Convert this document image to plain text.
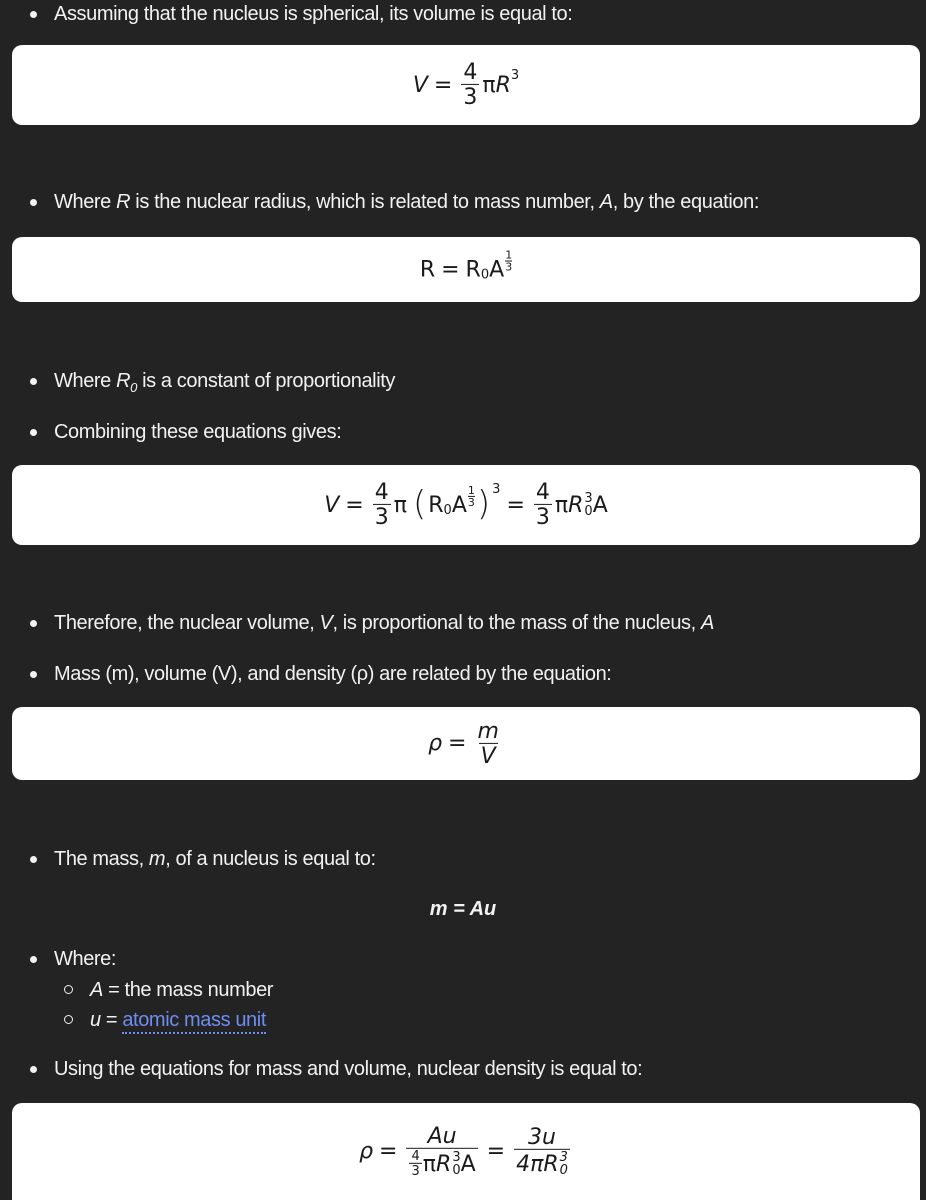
Assuming that the nucleus is spherical, its volume is equal to:
$V = \frac{4}{3}$ π R 3
Where R is the nuclear radius, which is related to mass number, A, by the equation:
R = R 0 A $\frac{1}{3}$
Where $R_0$ is a constant of proportionality
Combining these equations gives:
$V = \frac{4}{3}$ π ( R 0 A $\frac{1}{3}$ ) 3
= $\frac{4}{3}$ π R 3
0 A
Therefore, the nuclear volume, V, is proportional to the mass of the nucleus, A
Mass (m), volume (V), and density (ρ) are related by the equation:
$\rho = \frac{m}{V}$
The mass, m, of a nucleus is equal to:
m = Au
Where:
A = the mass number
u = atomic mass unit
Using the equations for mass and volume, nuclear density is equal to:
ρ =
Au
$\frac{4}{3}$ π R 3
0 A = 3u
4π R 3
0
